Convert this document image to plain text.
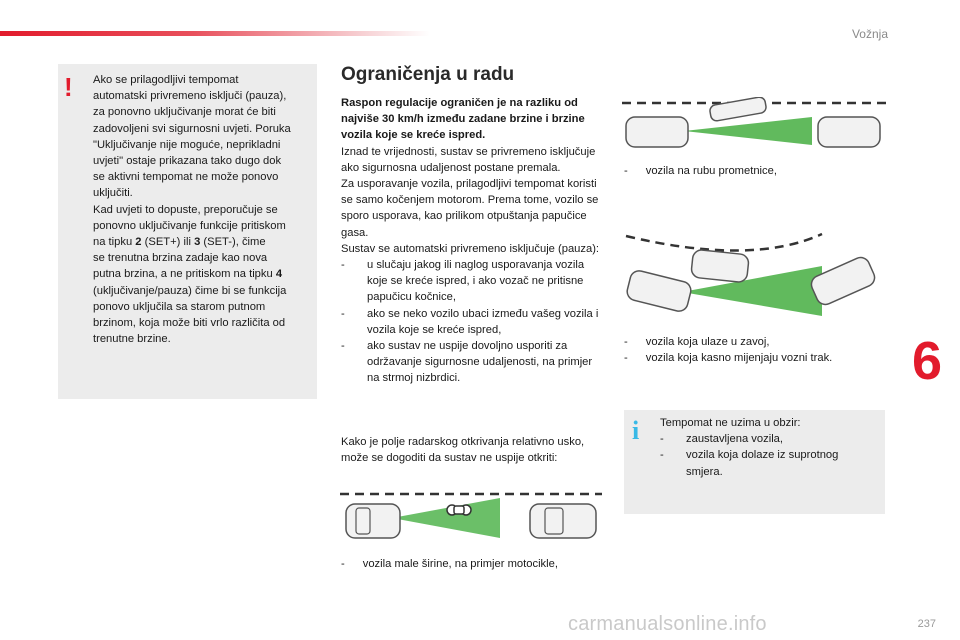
Vožnja
! Ako se prilagodljivi tempomat
automatski privremeno isključi (pauza),
za ponovno uključivanje morat će biti
zadovoljeni svi sigurnosni uvjeti. Poruka
"Uključivanje nije moguće, neprikladni
uvjeti" ostaje prikazana tako dugo dok
se aktivni tempomat ne može ponovo
uključiti.
Kad uvjeti to dopuste, preporučuje se
ponovno uključivanje funkcije pritiskom
na tipku 2 (SET+) ili 3 (SET-), čime
se trenutna brzina zadaje kao nova
putna brzina, a ne pritiskom na tipku 4
(uključivanje/pauza) čime bi se funkcija
ponovo uključila sa starom putnom
brzinom, koja može biti vrlo različita od
trenutne brzine.
Ograničenja u radu

Raspon regulacije ograničen je na razliku od najviše 30 km/h između zadane brzine i brzine vozila koje se kreće ispred.

Iznad te vrijednosti, sustav se privremeno isključuje ako sigurnosna udaljenost postane premala.

Za usporavanje vozila, prilagodljivi tempomat koristi se samo kočenjem motorom. Prema tome, vozilo se sporo usporava, kao prilikom otpuštanja papučice gasa.

Sustav se automatski privremeno isključuje (pauza):

- u slučaju jakog ili naglog usporavanja vozila koje se kreće ispred, i ako vozač ne pritisne papučicu kočnice,

- ako se neko vozilo ubaci između vašeg vozila i vozila koje se kreće ispred,

- ako sustav ne uspije dovoljno usporiti za održavanje sigurnosne udaljenosti, na primjer na strmoj nizbrdici.

Kako je polje radarskog otkrivanja relativno usko, može se dogoditi da sustav ne uspije otkriti:
- vozila male širine, na primjer motocikle,
- vozila na rubu prometnice,
- vozila koja ulaze u zavoj,
- vozila koja kasno mijenjaju vozni trak.
i Tempomat ne uzima u obzir:
- zaustavljena vozila,
- vozila koja dolaze iz suprotnog smjera.
6
237
carmanualsonline.info
